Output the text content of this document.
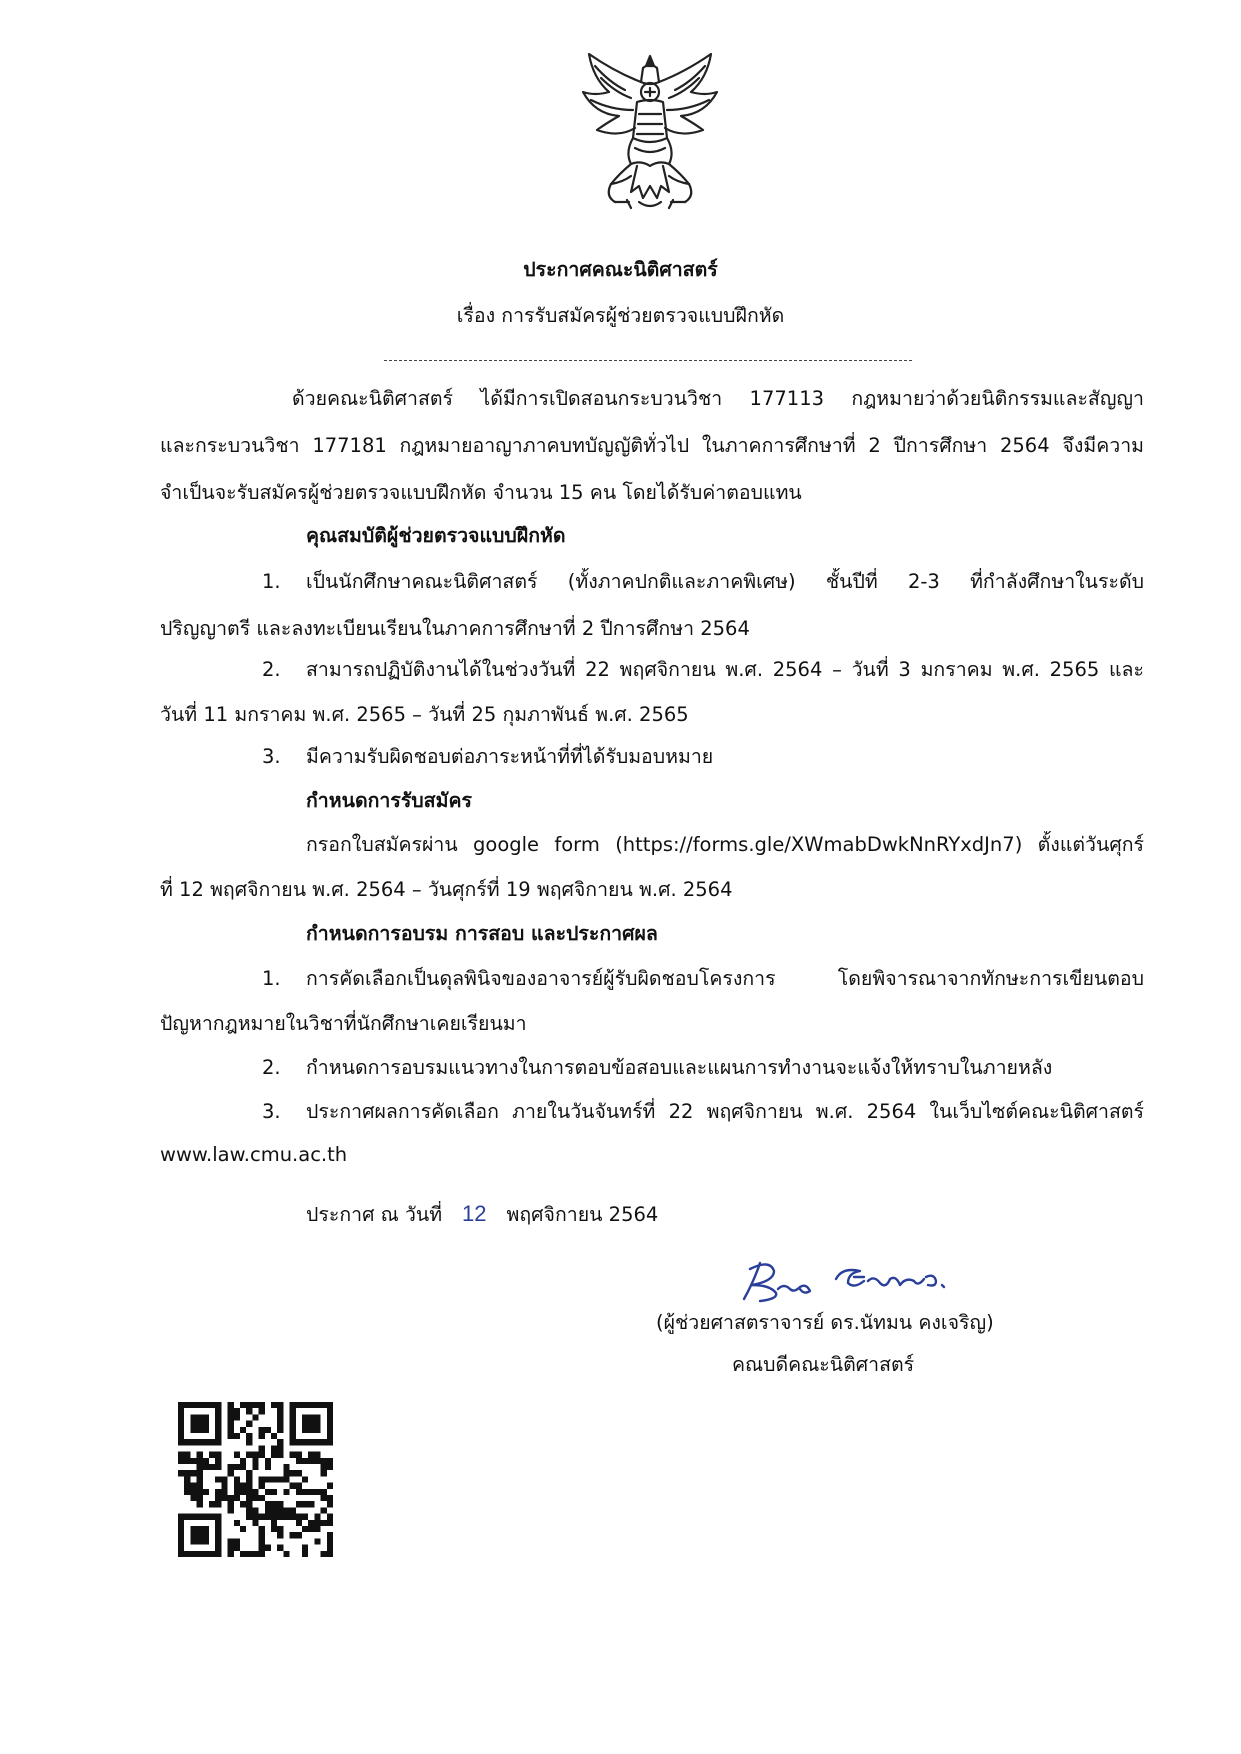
ประกาศคณะนิติศาสตร์
เรื่อง การรับสมัครผู้ช่วยตรวจแบบฝึกหัด
ด้วยคณะนิติศาสตร์ ได้มีการเปิดสอนกระบวนวิชา 177113 กฎหมายว่าด้วยนิติกรรมและสัญญา
และกระบวนวิชา 177181 กฎหมายอาญาภาคบทบัญญัติทั่วไป ในภาคการศึกษาที่ 2 ปีการศึกษา 2564 จึงมีความ
จำเป็นจะรับสมัครผู้ช่วยตรวจแบบฝึกหัด จำนวน 15 คน โดยได้รับค่าตอบแทน
คุณสมบัติผู้ช่วยตรวจแบบฝึกหัด
1. เป็นนักศึกษาคณะนิติศาสตร์ (ทั้งภาคปกติและภาคพิเศษ) ชั้นปีที่ 2-3 ที่กำลังศึกษาในระดับ
ปริญญาตรี และลงทะเบียนเรียนในภาคการศึกษาที่ 2 ปีการศึกษา 2564
2. สามารถปฏิบัติงานได้ในช่วงวันที่ 22 พฤศจิกายน พ.ศ. 2564 – วันที่ 3 มกราคม พ.ศ. 2565 และ
วันที่ 11 มกราคม พ.ศ. 2565 – วันที่ 25 กุมภาพันธ์ พ.ศ. 2565
3. มีความรับผิดชอบต่อภาระหน้าที่ที่ได้รับมอบหมาย
กำหนดการรับสมัคร
กรอกใบสมัครผ่าน google form (https://forms.gle/XWmabDwkNnRYxdJn7) ตั้งแต่วันศุกร์
ที่ 12 พฤศจิกายน พ.ศ. 2564 – วันศุกร์ที่ 19 พฤศจิกายน พ.ศ. 2564
กำหนดการอบรม การสอบ และประกาศผล
1. การคัดเลือกเป็นดุลพินิจของอาจารย์ผู้รับผิดชอบโครงการ โดยพิจารณาจากทักษะการเขียนตอบ
ปัญหากฎหมายในวิชาที่นักศึกษาเคยเรียนมา
2. กำหนดการอบรมแนวทางในการตอบข้อสอบและแผนการทำงานจะแจ้งให้ทราบในภายหลัง
3. ประกาศผลการคัดเลือก ภายในวันจันทร์ที่ 22 พฤศจิกายน พ.ศ. 2564 ในเว็บไซต์คณะนิติศาสตร์
www.law.cmu.ac.th
ประกาศ ณ วันที่ 12 พฤศจิกายน 2564
(ผู้ช่วยศาสตราจารย์ ดร.นัทมน คงเจริญ)
คณบดีคณะนิติศาสตร์
